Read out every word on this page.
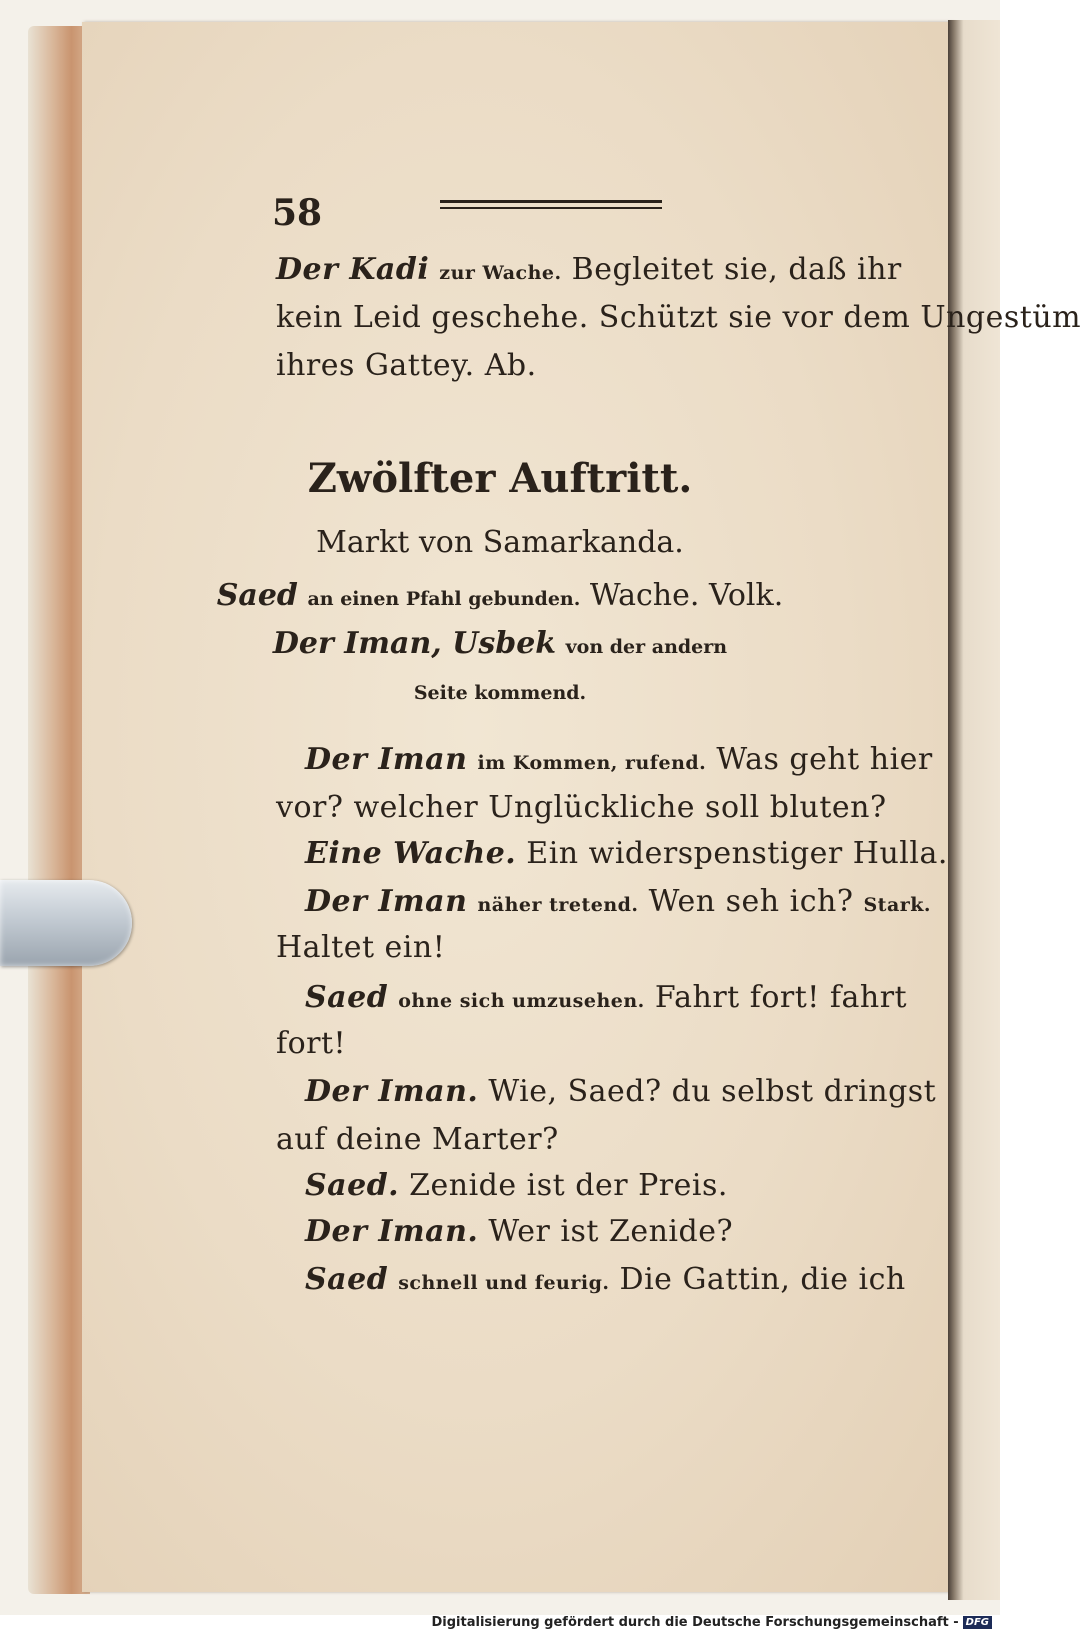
58
Der Kadi zur Wache. Begleitet sie, daß ihr
kein Leid geschehe. Schützt sie vor dem Ungestüm
ihres Gattey. Ab.
Zwölfter Auftritt.
Markt von Samarkanda.
Saed an einen Pfahl gebunden. Wache. Volk.
Der Iman, Usbek von der andern
Seite kommend.
Der Iman im Kommen, rufend. Was geht hier
vor? welcher Unglückliche soll bluten?
Eine Wache. Ein widerspenstiger Hulla.
Der Iman näher tretend. Wen seh ich? Stark.
Haltet ein!
Saed ohne sich umzusehen. Fahrt fort! fahrt
fort!
Der Iman. Wie, Saed? du selbst dringst
auf deine Marter?
Saed. Zenide ist der Preis.
Der Iman. Wer ist Zenide?
Saed schnell und feurig. Die Gattin, die ich
Digitalisierung gefördert durch die Deutsche Forschungsgemeinschaft - DFG
